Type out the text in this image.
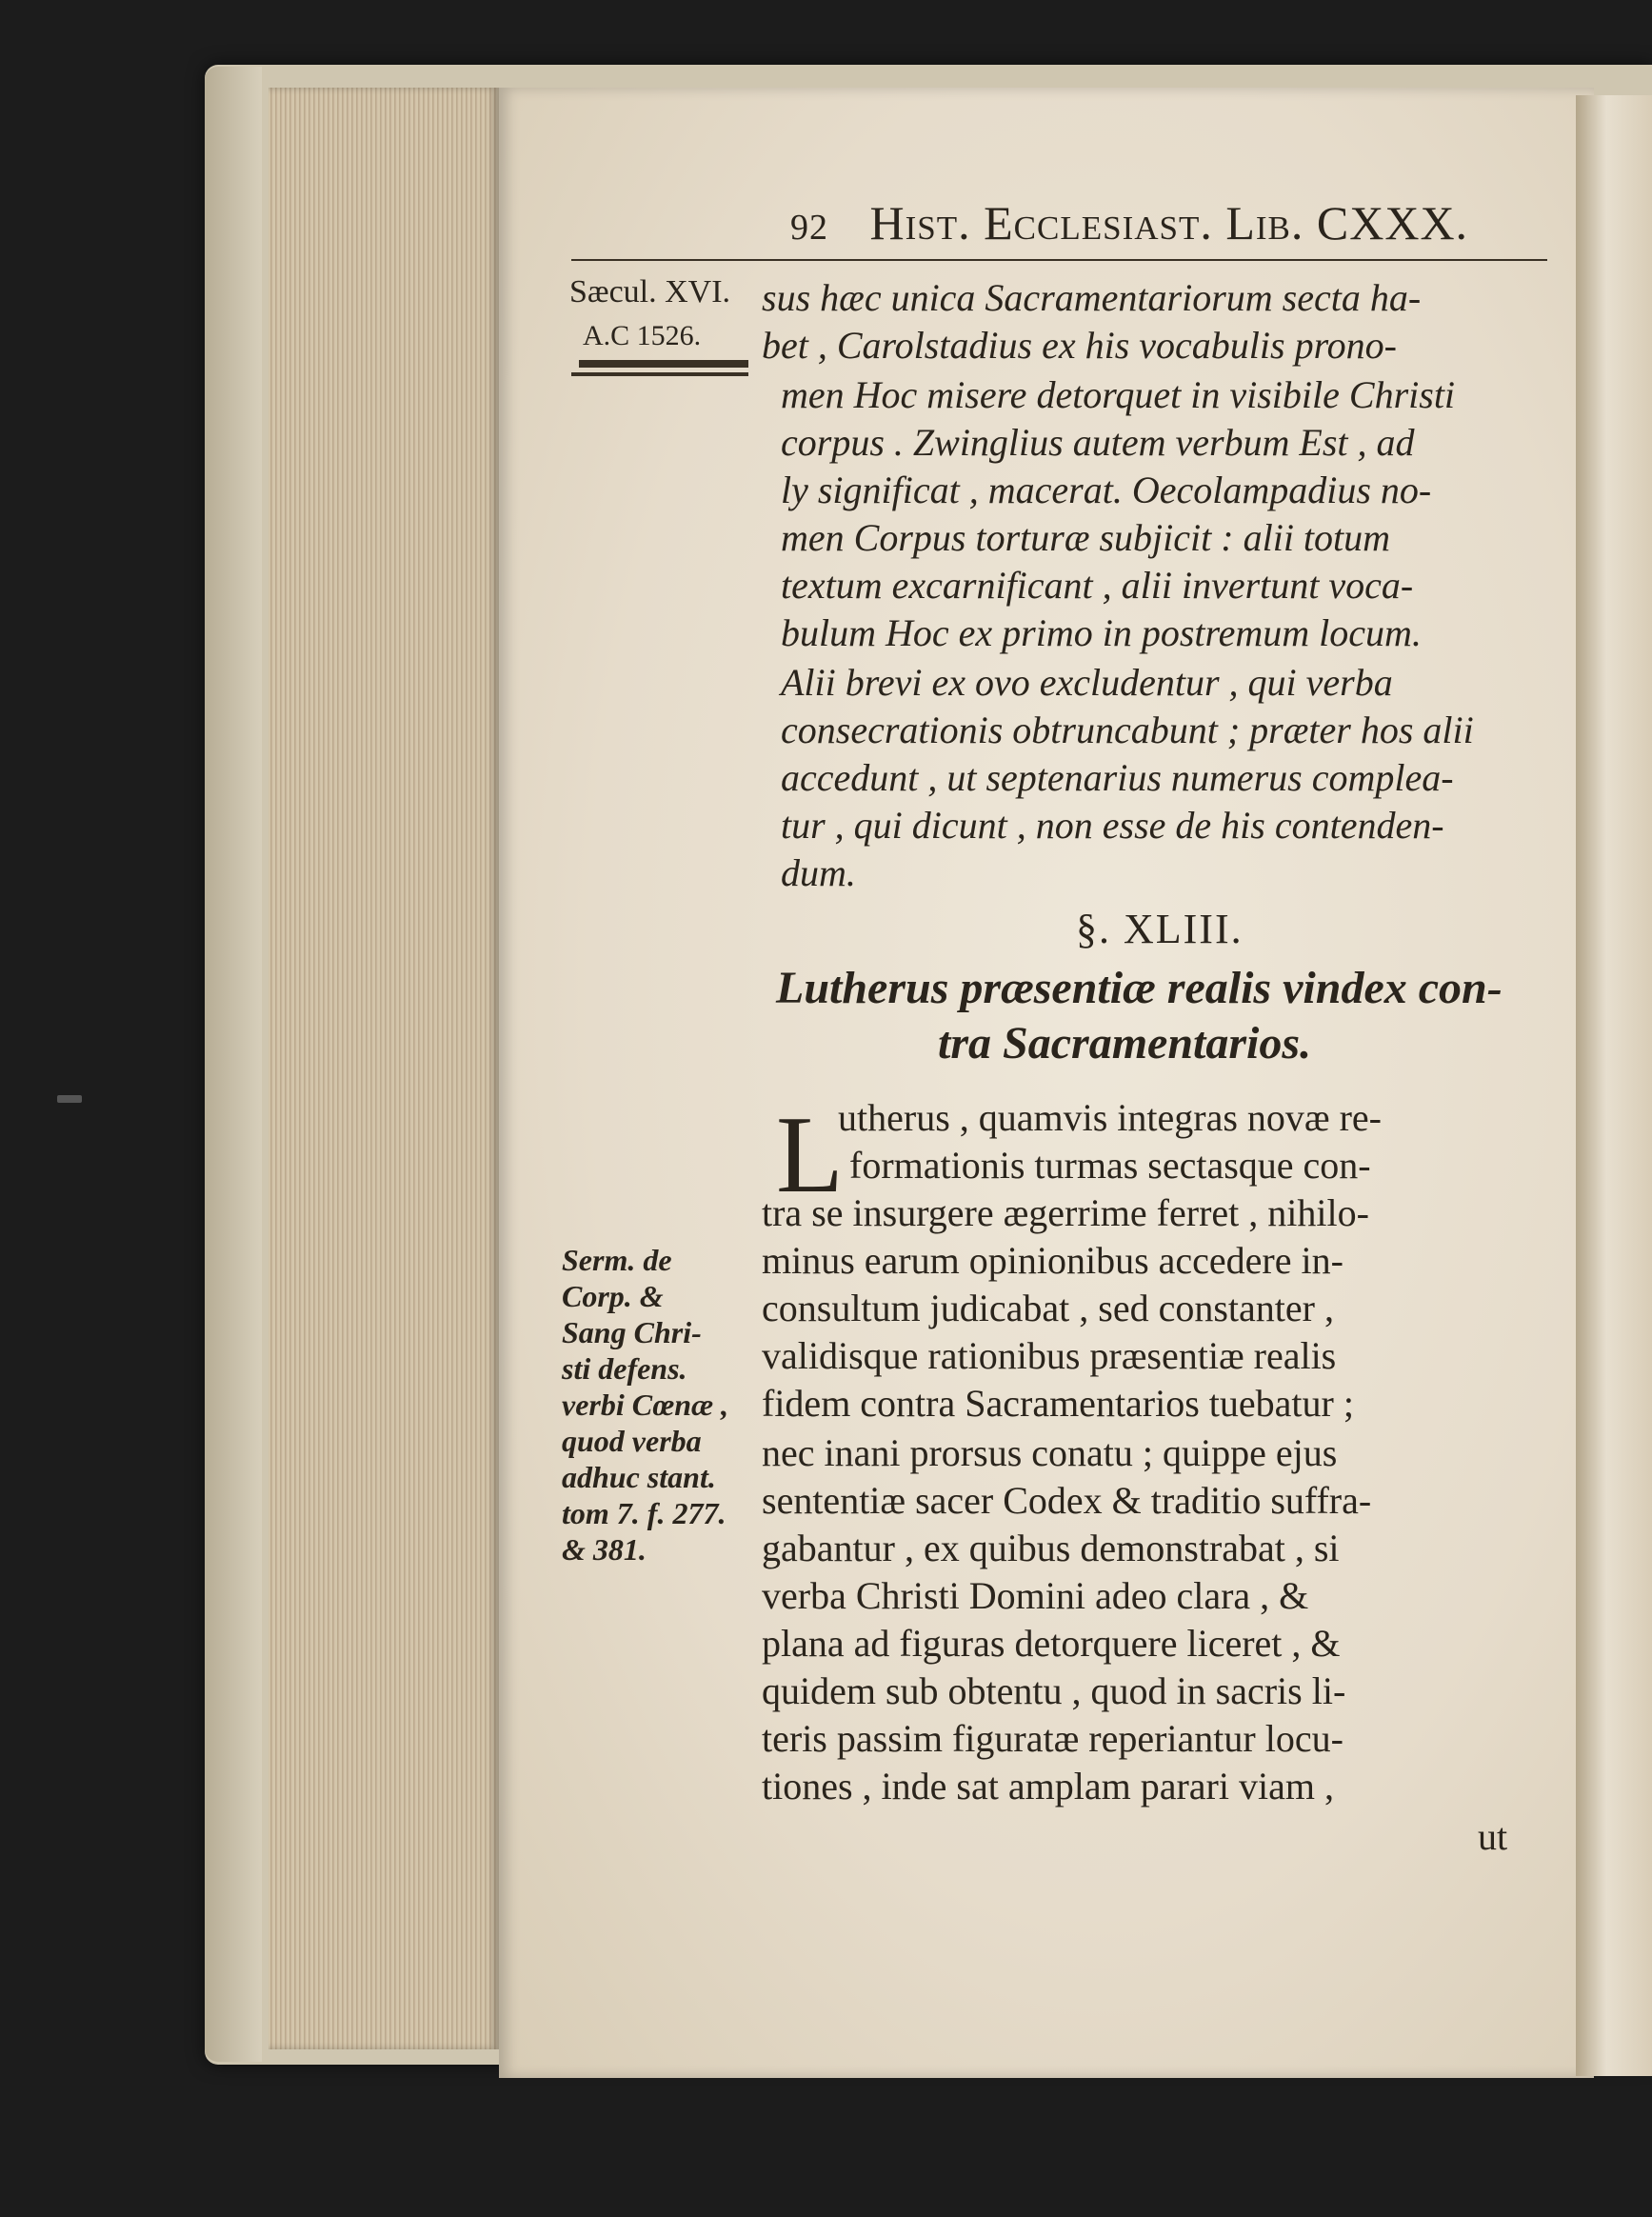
92 Hist. Ecclesiast. Lib. CXXX.
Sæcul. XVI.
A.C 1526.
sus hæc unica Sacramentariorum secta ha-
bet , Carolstadius ex his vocabulis prono-
men Hoc misere detorquet in visibile Christi
corpus . Zwinglius autem verbum Est , ad
ly significat , macerat. Oecolampadius no-
men Corpus torturæ subjicit : alii totum
textum excarnificant , alii invertunt voca-
bulum Hoc ex primo in postremum locum.
Alii brevi ex ovo excludentur , qui verba
consecrationis obtruncabunt ; præter hos alii
accedunt , ut septenarius numerus complea-
tur , qui dicunt , non esse de his contenden-
dum.
§. XLIII.
Lutherus præsentiæ realis vindex con-
tra Sacramentarios.
L
utherus , quamvis integras novæ re-
formationis turmas sectasque con-
tra se insurgere ægerrime ferret , nihilo-
minus earum opinionibus accedere in-
consultum judicabat , sed constanter ,
validisque rationibus præsentiæ realis
fidem contra Sacramentarios tuebatur ;
nec inani prorsus conatu ; quippe ejus
sententiæ sacer Codex & traditio suffra-
gabantur , ex quibus demonstrabat , si
verba Christi Domini adeo clara , &
plana ad figuras detorquere liceret , &
quidem sub obtentu , quod in sacris li-
teris passim figuratæ reperiantur locu-
tiones , inde sat amplam parari viam ,
ut
Serm. de
Corp. &
Sang Chri-
sti defens.
verbi Cœnæ ,
quod verba
adhuc stant.
tom 7. f. 277.
& 381.
